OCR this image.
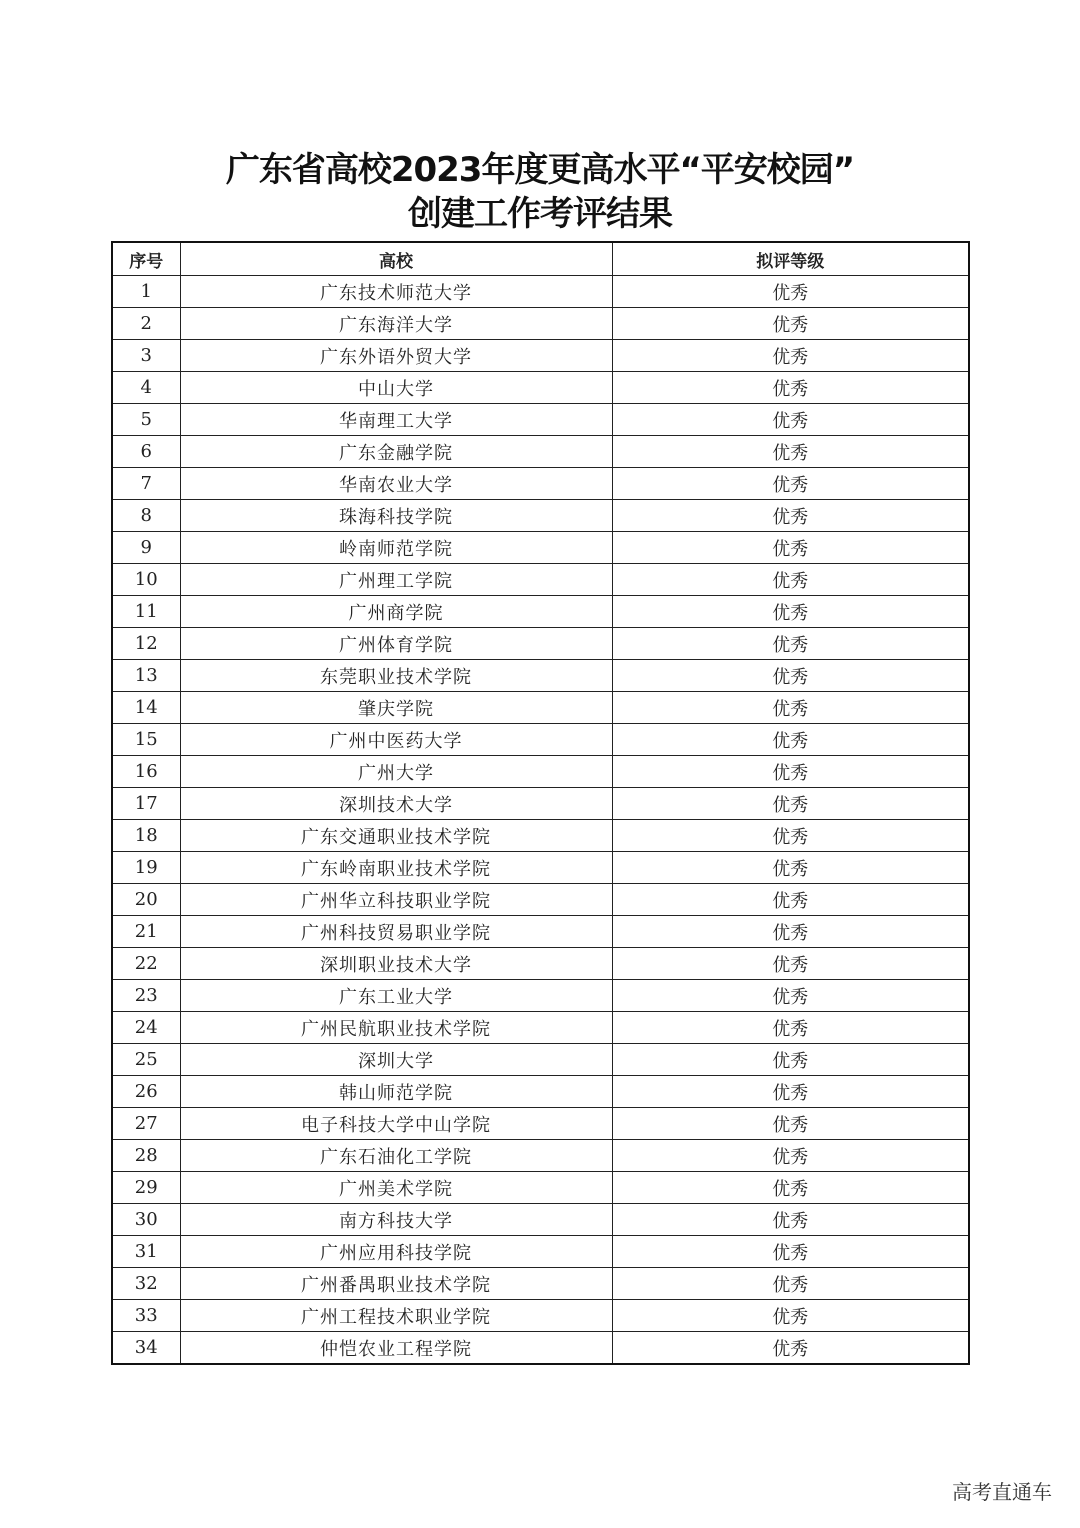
广东省高校2023年度更高水平“平安校园”
创建工作考评结果
序号	高校	拟评等级
1	广东技术师范大学	优秀
2	广东海洋大学	优秀
3	广东外语外贸大学	优秀
4	中山大学	优秀
5	华南理工大学	优秀
6	广东金融学院	优秀
7	华南农业大学	优秀
8	珠海科技学院	优秀
9	岭南师范学院	优秀
10	广州理工学院	优秀
11	广州商学院	优秀
12	广州体育学院	优秀
13	东莞职业技术学院	优秀
14	肇庆学院	优秀
15	广州中医药大学	优秀
16	广州大学	优秀
17	深圳技术大学	优秀
18	广东交通职业技术学院	优秀
19	广东岭南职业技术学院	优秀
20	广州华立科技职业学院	优秀
21	广州科技贸易职业学院	优秀
22	深圳职业技术大学	优秀
23	广东工业大学	优秀
24	广州民航职业技术学院	优秀
25	深圳大学	优秀
26	韩山师范学院	优秀
27	电子科技大学中山学院	优秀
28	广东石油化工学院	优秀
29	广州美术学院	优秀
30	南方科技大学	优秀
31	广州应用科技学院	优秀
32	广州番禺职业技术学院	优秀
33	广州工程技术职业学院	优秀
34	仲恺农业工程学院	优秀
高考直通车
